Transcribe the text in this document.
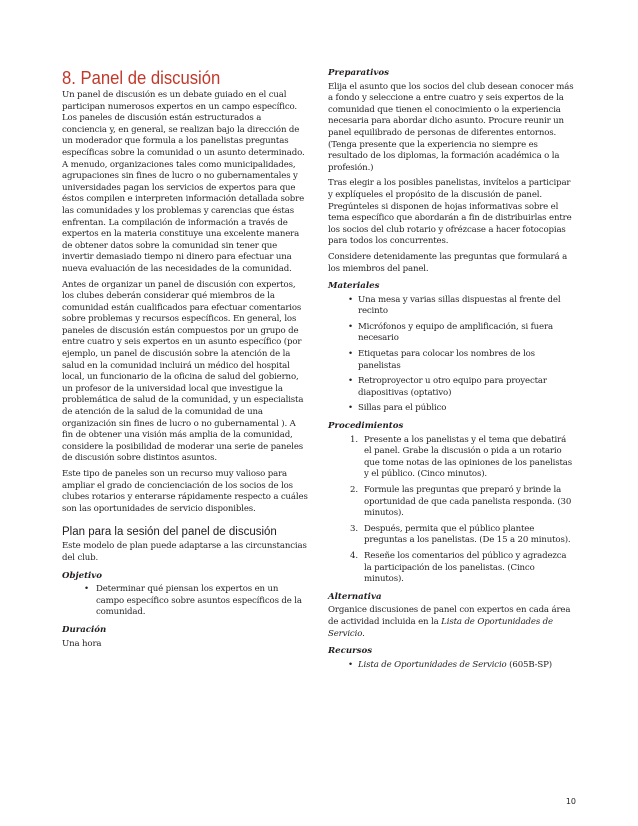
8. Panel de discusión

Un panel de discusión es un debate guiado en el cual participan numerosos expertos en un campo específico. Los paneles de discusión están estructurados a conciencia y, en general, se realizan bajo la dirección de un moderador que formula a los panelistas preguntas específicas sobre la comunidad o un asunto determinado. A menudo, organizaciones tales como municipalidades, agrupaciones sin fines de lucro o no gubernamentales y universidades pagan los servicios de expertos para que éstos compilen e interpreten información detallada sobre las comunidades y los problemas y carencias que éstas enfrentan. La compilación de información a través de expertos en la materia constituye una excelente manera de obtener datos sobre la comunidad sin tener que invertir demasiado tiempo ni dinero para efectuar una nueva evaluación de las necesidades de la comunidad.

Antes de organizar un panel de discusión con expertos, los clubes deberán considerar qué miembros de la comunidad están cualificados para efectuar comentarios sobre problemas y recursos específicos. En general, los paneles de discusión están compuestos por un grupo de entre cuatro y seis expertos en un asunto específico (por ejemplo, un panel de discusión sobre la atención de la salud en la comunidad incluirá un médico del hospital local, un funcionario de la oficina de salud del gobierno, un profesor de la universidad local que investigue la problemática de salud de la comunidad, y un especialista de atención de la salud de la comunidad de una organización sin fines de lucro o no gubernamental ). A fin de obtener una visión más amplia de la comunidad, considere la posibilidad de moderar una serie de paneles de discusión sobre distintos asuntos.

Este tipo de paneles son un recurso muy valioso para ampliar el grado de concienciación de los socios de los clubes rotarios y enterarse rápidamente respecto a cuáles son las oportunidades de servicio disponibles.

Plan para la sesión del panel de discusión

Este modelo de plan puede adaptarse a las circunstancias del club.

Objetivo
• Determinar qué piensan los expertos en un campo específico sobre asuntos específicos de la comunidad.
Duración

Una hora

Preparativos

Elija el asunto que los socios del club desean conocer más a fondo y seleccione a entre cuatro y seis expertos de la comunidad que tienen el conocimiento o la experiencia necesaria para abordar dicho asunto. Procure reunir un panel equilibrado de personas de diferentes entornos. (Tenga presente que la experiencia no siempre es resultado de los diplomas, la formación académica o la profesión.)

Tras elegir a los posibles panelistas, invítelos a participar y explíqueles el propósito de la discusión de panel. Pregúnteles si disponen de hojas informativas sobre el tema específico que abordarán a fin de distribuirlas entre los socios del club rotario y ofrézcase a hacer fotocopias para todos los concurrentes.

Considere detenidamente las preguntas que formulará a los miembros del panel.

Materiales
• Una mesa y varias sillas dispuestas al frente del recinto
• Micrófonos y equipo de amplificación, si fuera necesario
• Etiquetas para colocar los nombres de los panelistas
• Retroproyector u otro equipo para proyectar diapositivas (optativo)
• Sillas para el público
Procedimientos
1. Presente a los panelistas y el tema que debatirá el panel. Grabe la discusión o pida a un rotario que tome notas de las opiniones de los panelistas y el público. (Cinco minutos).
2. Formule las preguntas que preparó y brinde la oportunidad de que cada panelista responda. (30 minutos).
3. Después, permita que el público plantee preguntas a los panelistas. (De 15 a 20 minutos).
4. Reseñe los comentarios del público y agradezca la participación de los panelistas. (Cinco minutos).
Alternativa

Organice discusiones de panel con expertos en cada área de actividad incluida en la Lista de Oportunidades de Servicio.

Recursos
• Lista de Oportunidades de Servicio (605B-SP)
10
